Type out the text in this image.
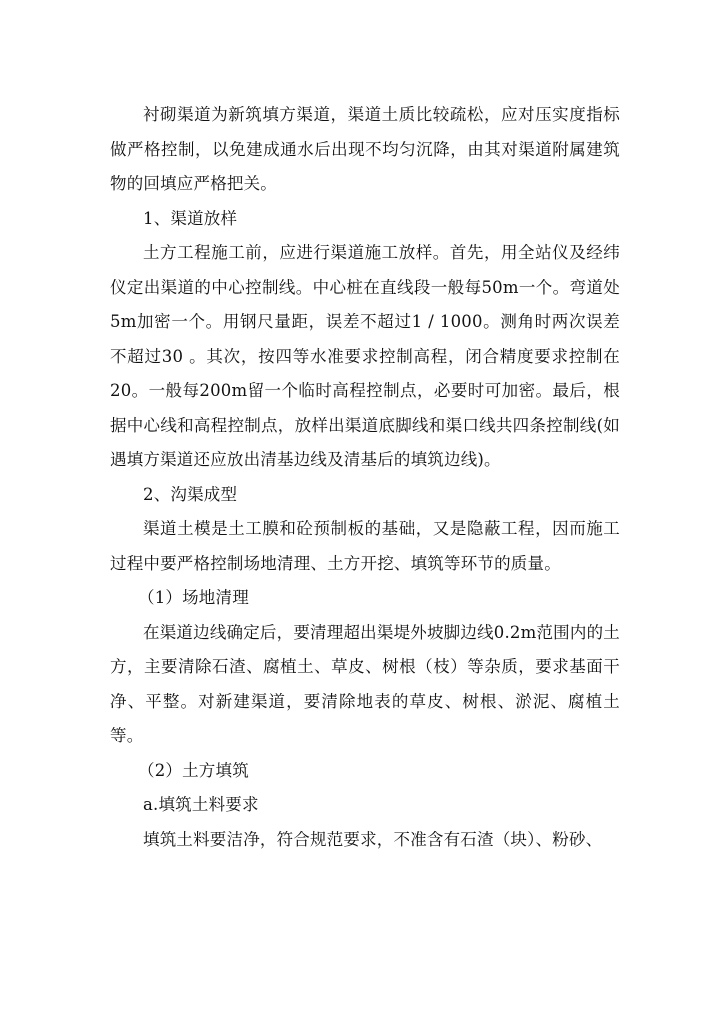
衬砌渠道为新筑填方渠道，渠道土质比较疏松，应对压实度指标做严格控制，以免建成通水后出现不均匀沉降，由其对渠道附属建筑物的回填应严格把关。

1、渠道放样

土方工程施工前，应进行渠道施工放样。首先，用全站仪及经纬仪定出渠道的中心控制线。中心桩在直线段一般每50m一个。弯道处5m加密一个。用钢尺量距，误差不超过1 / 1000。测角时两次误差不超过30 。其次，按四等水准要求控制高程，闭合精度要求控制在20。一般每200m留一个临时高程控制点，必要时可加密。最后，根据中心线和高程控制点，放样出渠道底脚线和渠口线共四条控制线(如遇填方渠道还应放出清基边线及清基后的填筑边线)。

2、沟渠成型

渠道土模是土工膜和砼预制板的基础，又是隐蔽工程，因而施工过程中要严格控制场地清理、土方开挖、填筑等环节的质量。

（1）场地清理

在渠道边线确定后，要清理超出渠堤外坡脚边线0.2m范围内的土方，主要清除石渣、腐植土、草皮、树根（枝）等杂质，要求基面干净、平整。对新建渠道，要清除地表的草皮、树根、淤泥、腐植土等。

（2）土方填筑

a.填筑土料要求

填筑土料要洁净，符合规范要求，不准含有石渣（块）、粉砂、
